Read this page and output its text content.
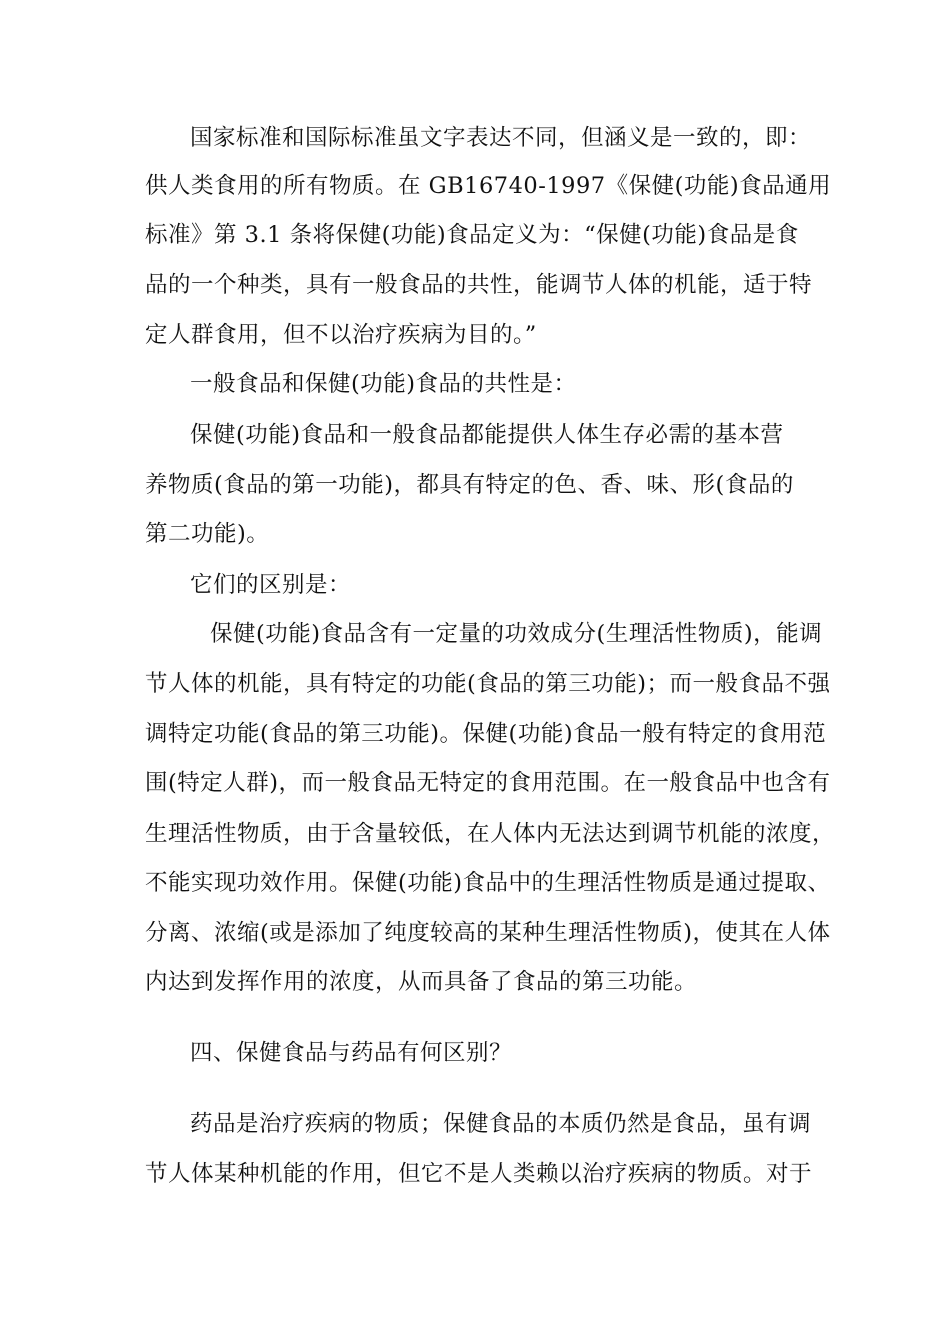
国家标准和国际标准虽文字表达不同，但涵义是一致的，即：
供人类食用的所有物质。在 GB16740-1997《保健(功能)食品通用
标准》第 3.1 条将保健(功能)食品定义为：“保健(功能)食品是食
品的一个种类，具有一般食品的共性，能调节人体的机能，适于特
定人群食用，但不以治疗疾病为目的。”
一般食品和保健(功能)食品的共性是：
保健(功能)食品和一般食品都能提供人体生存必需的基本营
养物质(食品的第一功能)，都具有特定的色、香、味、形(食品的
第二功能)。
它们的区别是：
保健(功能)食品含有一定量的功效成分(生理活性物质)，能调
节人体的机能，具有特定的功能(食品的第三功能)；而一般食品不强
调特定功能(食品的第三功能)。保健(功能)食品一般有特定的食用范
围(特定人群)，而一般食品无特定的食用范围。在一般食品中也含有
生理活性物质，由于含量较低，在人体内无法达到调节机能的浓度，
不能实现功效作用。保健(功能)食品中的生理活性物质是通过提取、
分离、浓缩(或是添加了纯度较高的某种生理活性物质)，使其在人体
内达到发挥作用的浓度，从而具备了食品的第三功能。
四、保健食品与药品有何区别？
药品是治疗疾病的物质；保健食品的本质仍然是食品，虽有调
节人体某种机能的作用，但它不是人类赖以治疗疾病的物质。对于
